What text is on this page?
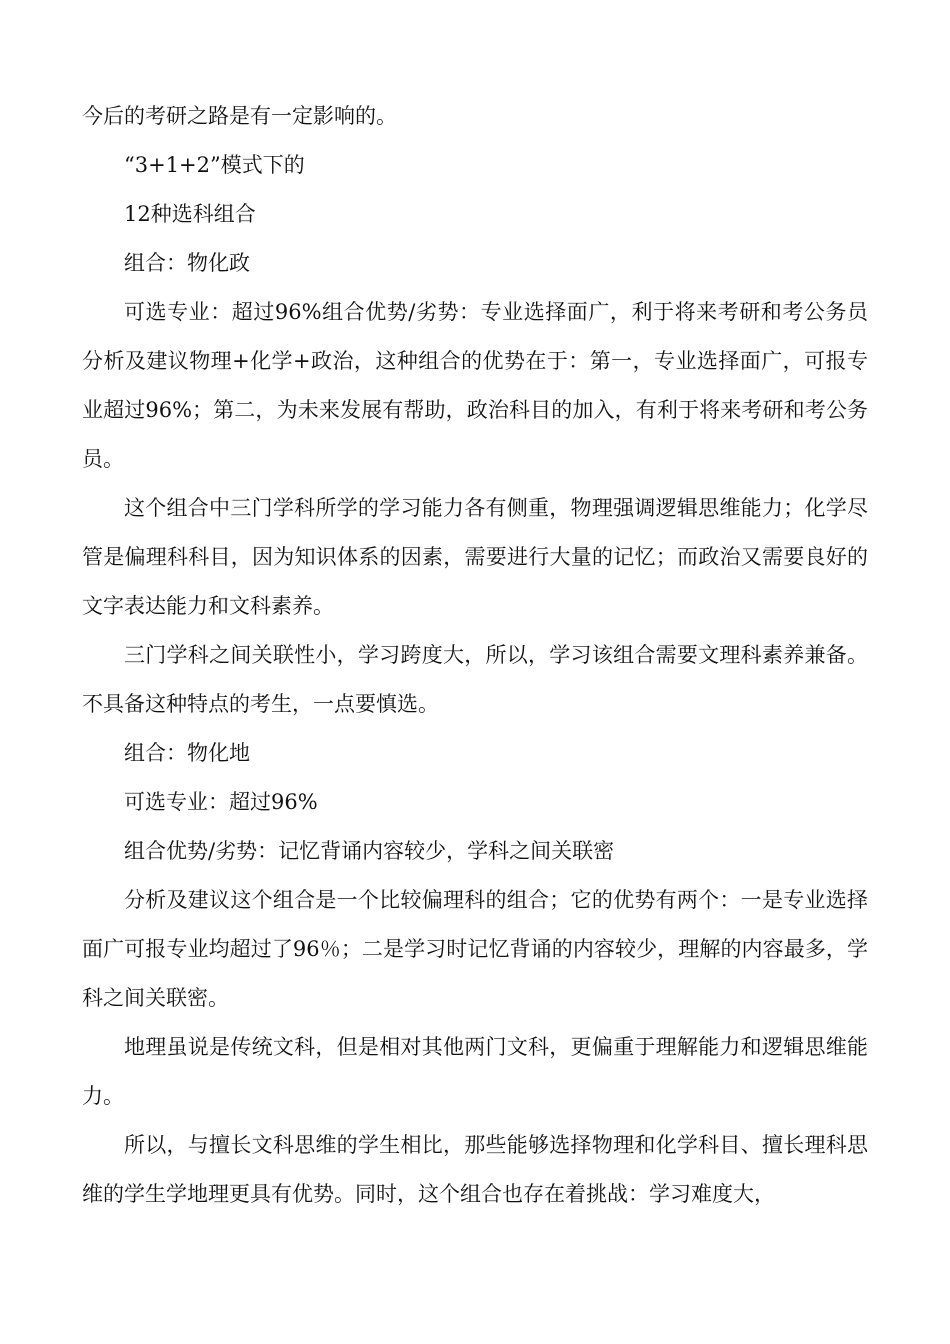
今后的考研之路是有一定影响的。

“3+1+2”模式下的

12种选科组合

组合：物化政

可选专业：超过96%组合优势/劣势：专业选择面广，利于将来考研和考公务员分析及建议物理+化学+政治，这种组合的优势在于：第一，专业选择面广，可报专业超过96%；第二，为未来发展有帮助，政治科目的加入，有利于将来考研和考公务员。

这个组合中三门学科所学的学习能力各有侧重，物理强调逻辑思维能力；化学尽管是偏理科科目，因为知识体系的因素，需要进行大量的记忆；而政治又需要良好的文字表达能力和文科素养。

三门学科之间关联性小，学习跨度大，所以，学习该组合需要文理科素养兼备。不具备这种特点的考生，一点要慎选。

组合：物化地

可选专业：超过96%

组合优势/劣势：记忆背诵内容较少，学科之间关联密

分析及建议这个组合是一个比较偏理科的组合；它的优势有两个：一是专业选择面广可报专业均超过了96％；二是学习时记忆背诵的内容较少，理解的内容最多，学科之间关联密。

地理虽说是传统文科，但是相对其他两门文科，更偏重于理解能力和逻辑思维能力。

所以，与擅长文科思维的学生相比，那些能够选择物理和化学科目、擅长理科思维的学生学地理更具有优势。同时，这个组合也存在着挑战：学习难度大，
